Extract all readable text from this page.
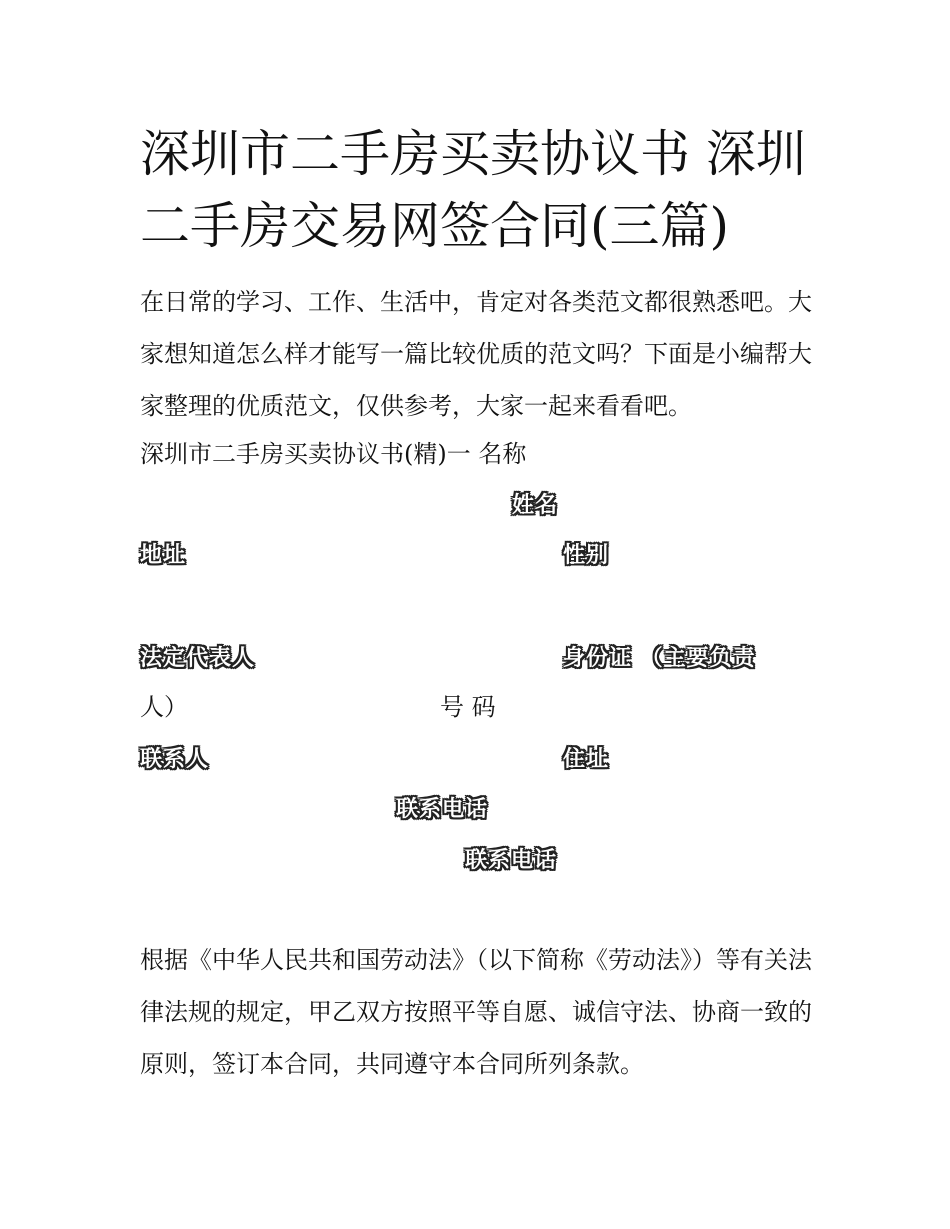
深圳市二手房买卖协议书 深圳二手房交易网签合同(三篇)

在日常的学习、工作、生活中，肯定对各类范文都很熟悉吧。大家想知道怎么样才能写一篇比较优质的范文吗？下面是小编帮大家整理的优质范文，仅供参考，大家一起来看看吧。

深圳市二手房买卖协议书(精)一 名称

姓名
地址	性别
法定代表人	身份证 （主要负责
人）	号 码
联系人	住址
联系电话
联系电话

根据《中华人民共和国劳动法》（以下简称《劳动法》）等有关法律法规的规定，甲乙双方按照平等自愿、诚信守法、协商一致的原则，签订本合同，共同遵守本合同所列条款。
